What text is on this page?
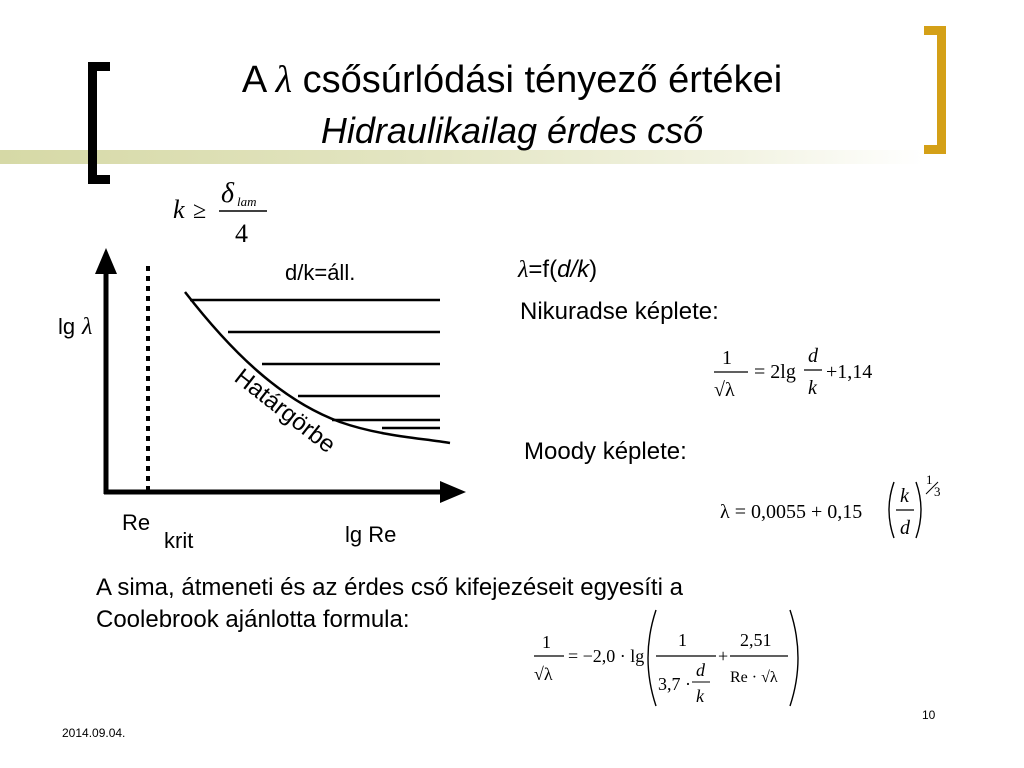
A λ csősúrlódási tényező értékei
Hidraulikailag érdes cső
k ≥
δ lam
4
d/k=áll.
lg λ
Határgörbe
Re
krit	lg Re
λ=f(d/k)
Nikuradse képlete:
1
√λ
= 2lg
d
k
+1,14
Moody képlete:
λ = 0,0055 + 0,15
k
d
1
3
A sima, átmeneti és az érdes cső kifejezéseit egyesíti a
Coolebrook ajánlotta formula:
1
√λ
= −2,0 · lg
1
3,7 ·
d
k
+
2,51
Re · √λ
2014.09.04.
10
